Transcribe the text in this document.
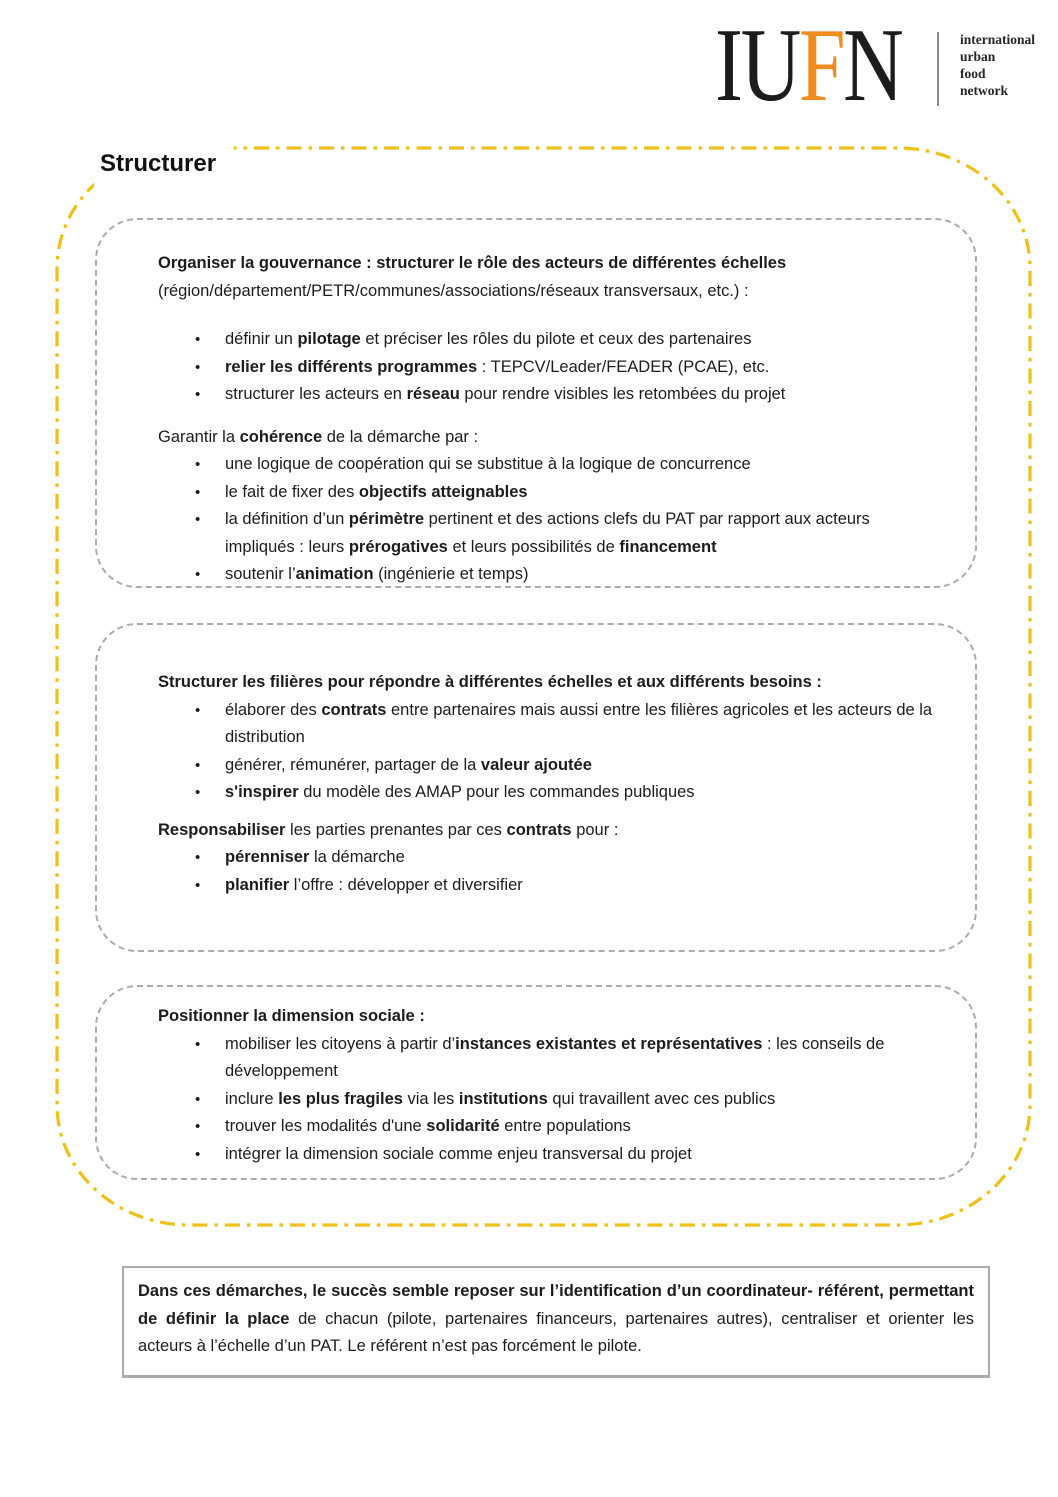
IUFN	international
urban
food
network
Structurer
Organiser la gouvernance : structurer le rôle des acteurs de différentes échelles
(région/département/PETR/communes/associations/réseaux transversaux, etc.) :
•
définir un pilotage et préciser les rôles du pilote et ceux des partenaires
•
relier les différents programmes : TEPCV/Leader/FEADER (PCAE), etc.
•
structurer les acteurs en réseau pour rendre visibles les retombées du projet
Garantir la cohérence de la démarche par :
•
une logique de coopération qui se substitue à la logique de concurrence
•
le fait de fixer des objectifs atteignables
•
la définition d’un périmètre pertinent et des actions clefs du PAT par rapport aux acteurs impliqués : leurs prérogatives et leurs possibilités de financement
•
soutenir l’animation (ingénierie et temps)
Structurer les filières pour répondre à différentes échelles et aux différents besoins :
•
élaborer des contrats entre partenaires mais aussi entre les filières agricoles et les acteurs de la distribution
•
générer, rémunérer, partager de la valeur ajoutée
•
s'inspirer du modèle des AMAP pour les commandes publiques
Responsabiliser les parties prenantes par ces contrats pour :
•
pérenniser la démarche
•
planifier l’offre : développer et diversifier
Positionner la dimension sociale :
•
mobiliser les citoyens à partir d’instances existantes et représentatives : les conseils de développement
•
inclure les plus fragiles via les institutions qui travaillent avec ces publics
•
trouver les modalités d'une solidarité entre populations
•
intégrer la dimension sociale comme enjeu transversal du projet
Dans ces démarches, le succès semble reposer sur l’identification d’un coordinateur- référent, permettant de définir la place de chacun (pilote, partenaires financeurs, partenaires autres), centraliser et orienter les acteurs à l’échelle d’un PAT. Le référent n’est pas forcément le pilote.
